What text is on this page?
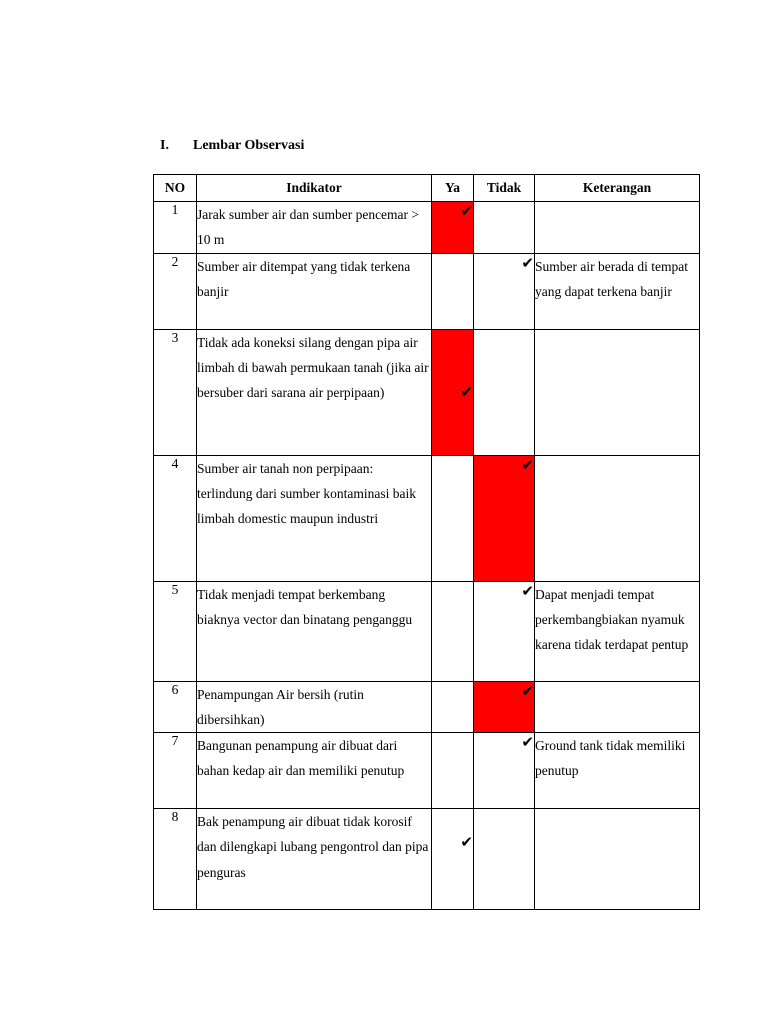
I.	Lembar Observasi
NO	Indikator	Ya	Tidak	Keterangan
1	Jarak sumber air dan sumber pencemar > 10 m	✔		
2	Sumber air ditempat yang tidak terkena banjir		✔	Sumber air berada di tempat yang dapat terkena banjir
3	Tidak ada koneksi silang dengan pipa air limbah di bawah permukaan tanah (jika air bersuber dari sarana air perpipaan)	✔		
4	Sumber air tanah non perpipaan: terlindung dari sumber kontaminasi baik limbah domestic maupun industri		✔	
5	Tidak menjadi tempat berkembang biaknya vector dan binatang penganggu		✔	Dapat menjadi tempat perkembangbiakan nyamuk karena tidak terdapat pentup
6	Penampungan Air bersih (rutin dibersihkan)		✔	
7	Bangunan penampung air dibuat dari bahan kedap air dan memiliki penutup		✔	Ground tank tidak memiliki penutup
8	Bak penampung air dibuat tidak korosif dan dilengkapi lubang pengontrol dan pipa penguras	✔		
